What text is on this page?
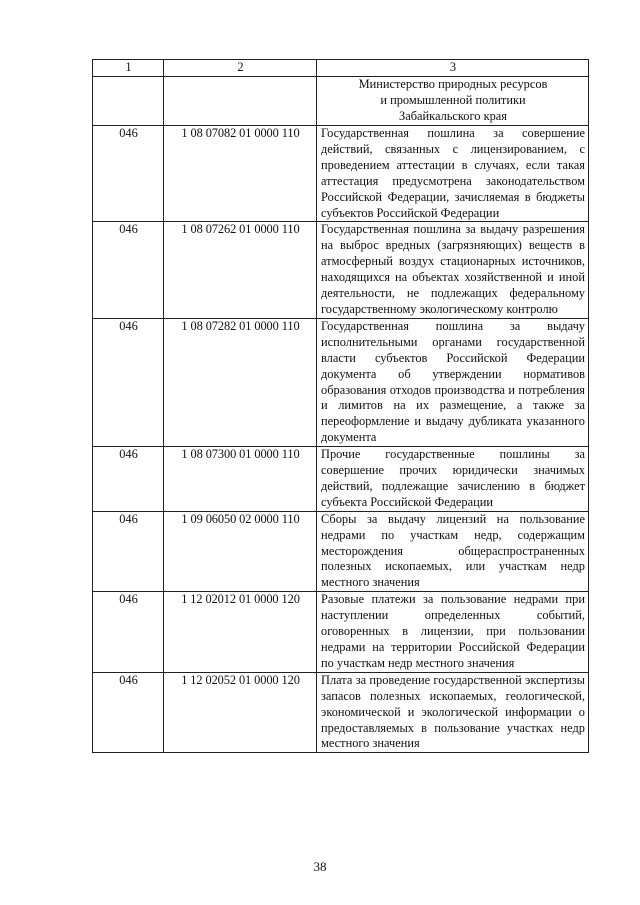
1	2	3

		Министерство природных ресурсов
и промышленной политики
Забайкальского края

046	1 08 07082 01 0000 110	Государственная пошлина за совершение действий, связанных с лицензированием, с проведением аттестации в случаях, если такая аттестация предусмотрена законодательством Российской Федерации, зачисляемая в бюджеты субъектов Российской Федерации
046	1 08 07262 01 0000 110	Государственная пошлина за выдачу разрешения на выброс вредных (загрязняющих) веществ в атмосферный воздух стационарных источников, находящихся на объектах хозяйственной и иной деятельности, не подлежащих федеральному государственному экологическому контролю
046	1 08 07282 01 0000 110	Государственная пошлина за выдачу исполнительными органами государственной власти субъектов Российской Федерации документа об утверждении нормативов образования отходов производства и потребления и лимитов на их размещение, а также за переоформление и выдачу дубликата указанного документа
046	1 08 07300 01 0000 110	Прочие государственные пошлины за совершение прочих юридически значимых действий, подлежащие зачислению в бюджет субъекта Российской Федерации
046	1 09 06050 02 0000 110	Сборы за выдачу лицензий на пользование недрами по участкам недр, содержащим месторождения общераспространенных полезных ископаемых, или участкам недр местного значения
046	1 12 02012 01 0000 120	Разовые платежи за пользование недрами при наступлении определенных событий, оговоренных в лицензии, при пользовании недрами на территории Российской Федерации по участкам недр местного значения
046	1 12 02052 01 0000 120	Плата за проведение государственной экспертизы запасов полезных ископаемых, геологической, экономической и экологической информации о предоставляемых в пользование участках недр местного значения
38
